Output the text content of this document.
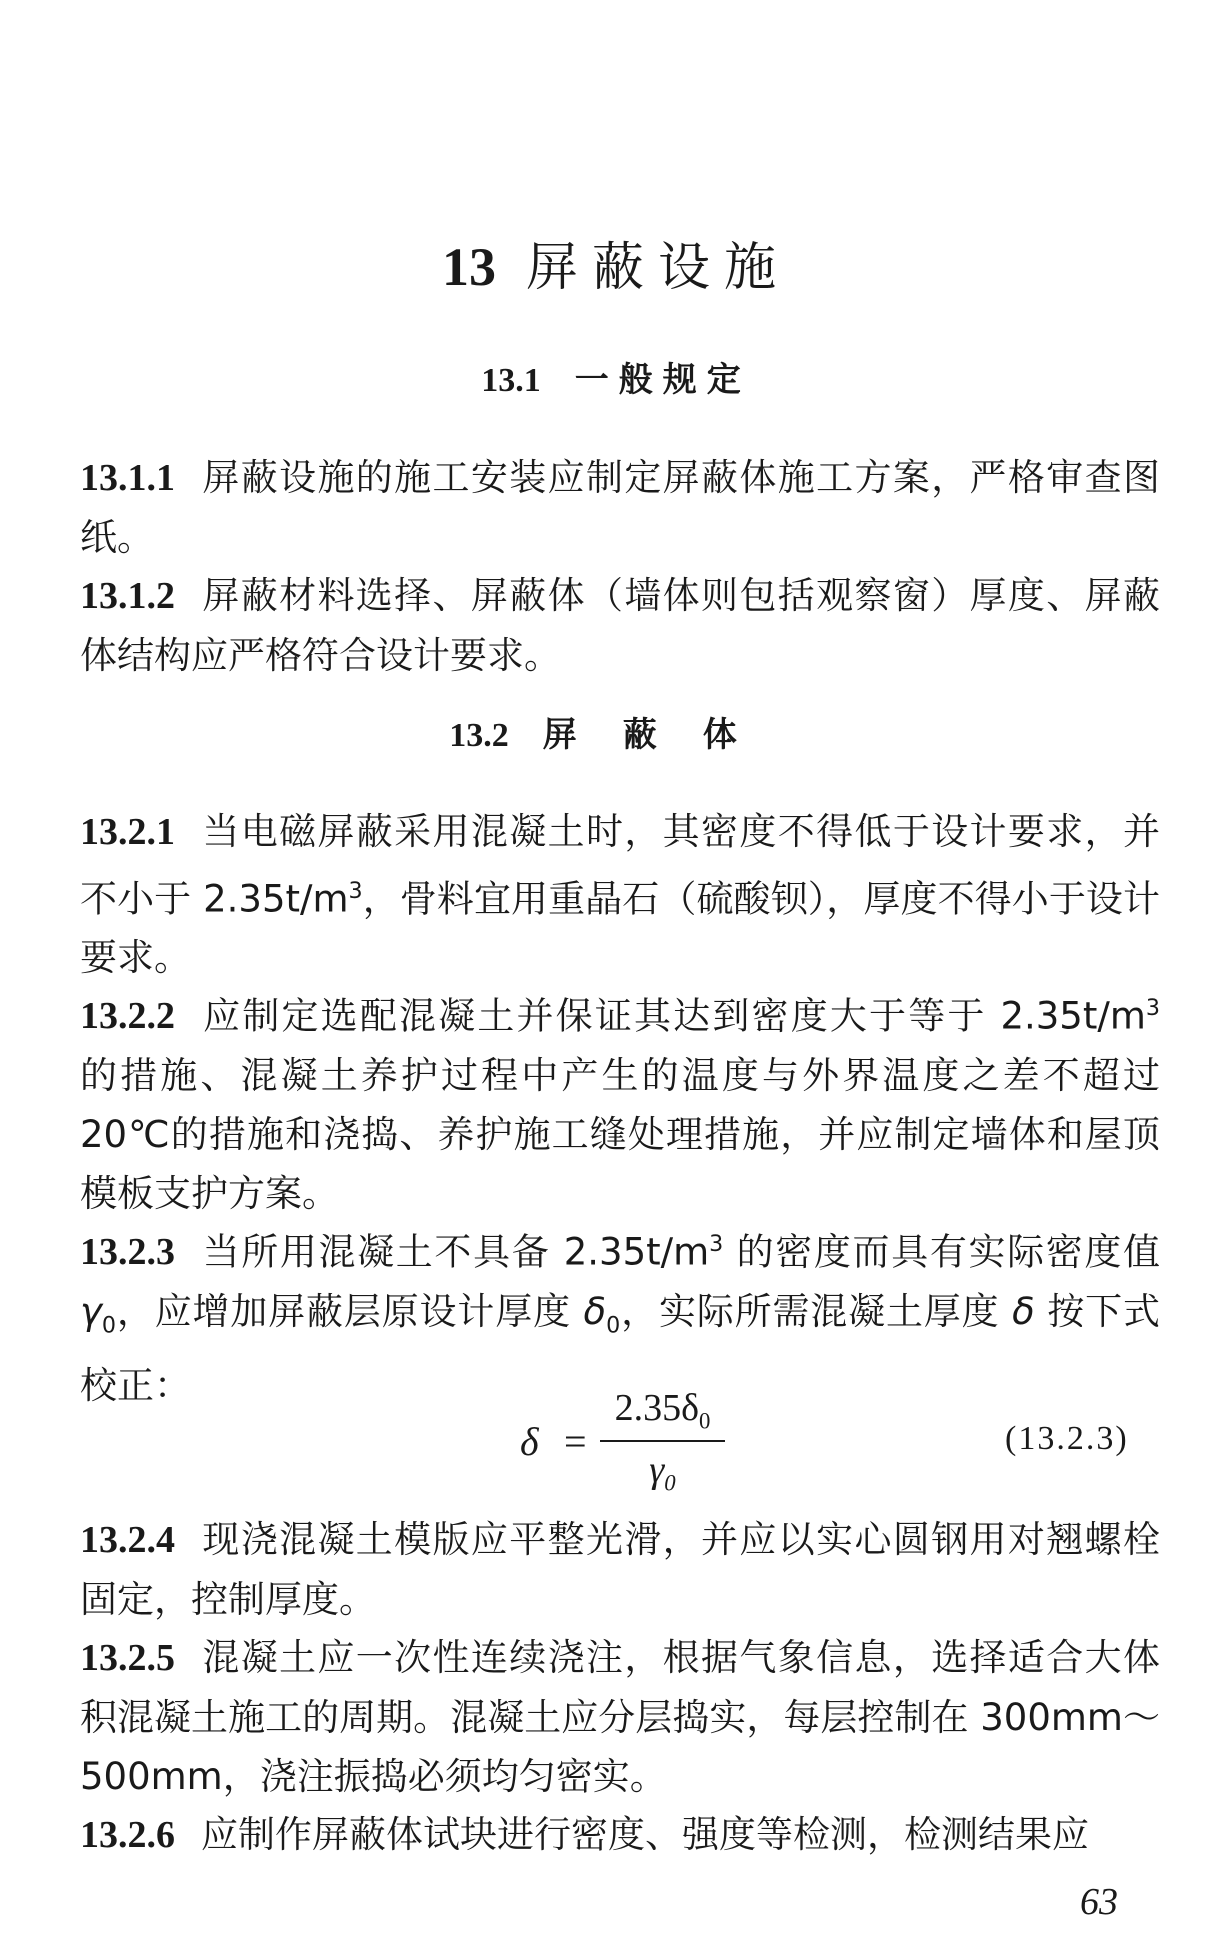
13 屏蔽设施
13.1 一般规定
13.1.1 屏蔽设施的施工安装应制定屏蔽体施工方案，严格审查图纸。
13.1.2 屏蔽材料选择、屏蔽体（墙体则包括观察窗）厚度、屏蔽体结构应严格符合设计要求。
13.2 屏蔽体
13.2.1 当电磁屏蔽采用混凝土时，其密度不得低于设计要求，并不小于 $2.35t/m^3$，骨料宜用重晶石（硫酸钡），厚度不得小于设计要求。
13.2.2 应制定选配混凝土并保证其达到密度大于等于 $2.35t/m^3$ 的措施、混凝土养护过程中产生的温度与外界温度之差不超过 20℃的措施和浇捣、养护施工缝处理措施，并应制定墙体和屋顶模板支护方案。
13.2.3 当所用混凝土不具备 $2.35t/m^3$ 的密度而具有实际密度值 $\gamma_0$，应增加屏蔽层原设计厚度 $\delta_0$，实际所需混凝土厚度 δ 按下式校正：
δ =
$2.35\delta_0$
$\gamma_0$
(13.2.3)
13.2.4 现浇混凝土模版应平整光滑，并应以实心圆钢用对翘螺栓固定，控制厚度。
13.2.5 混凝土应一次性连续浇注，根据气象信息，选择适合大体积混凝土施工的周期。混凝土应分层捣实，每层控制在 300mm～500mm，浇注振捣必须均匀密实。
13.2.6 应制作屏蔽体试块进行密度、强度等检测，检测结果应
63
